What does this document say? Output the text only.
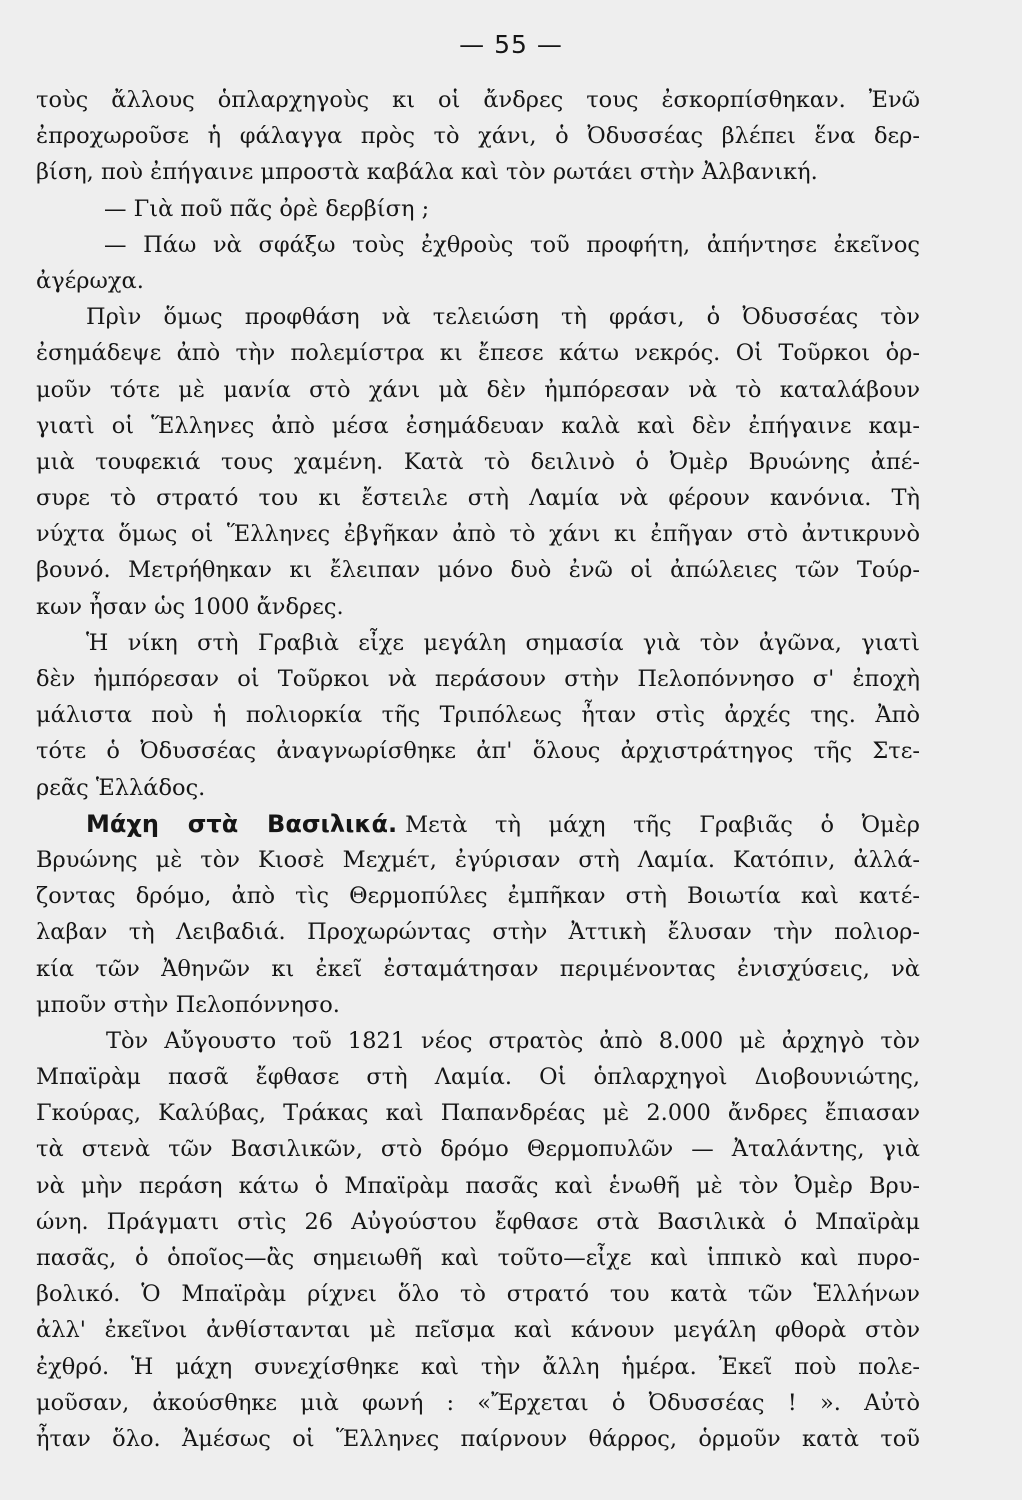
— 55 —
τοὺς ἄλλους ὁπλαρχηγοὺς κι οἱ ἄνδρες τους ἐσκορπίσθηκαν. Ἐνῶ
ἐπροχωροῦσε ἡ φάλαγγα πρὸς τὸ χάνι, ὁ Ὀδυσσέας βλέπει ἕνα δερ-
βίση, ποὺ ἐπήγαινε μπροστὰ καβάλα καὶ τὸν ρωτάει στὴν Ἀλβανική.
— Γιὰ ποῦ πᾶς ὀρὲ δερβίση ;
— Πάω νὰ σφάξω τοὺς ἐχθροὺς τοῦ προφήτη, ἀπήντησε ἐκεῖνος
ἀγέρωχα.
Πρὶν ὅμως προφθάση νὰ τελειώση τὴ φράσι, ὁ Ὀδυσσέας τὸν
ἐσημάδεψε ἀπὸ τὴν πολεμίστρα κι ἔπεσε κάτω νεκρός. Οἱ Τοῦρκοι ὁρ-
μοῦν τότε μὲ μανία στὸ χάνι μὰ δὲν ἠμπόρεσαν νὰ τὸ καταλάβουν
γιατὶ οἱ Ἕλληνες ἀπὸ μέσα ἐσημάδευαν καλὰ καὶ δὲν ἐπήγαινε καμ-
μιὰ τουφεκιά τους χαμένη. Κατὰ τὸ δειλινὸ ὁ Ὀμὲρ Βρυώνης ἀπέ-
συρε τὸ στρατό του κι ἔστειλε στὴ Λαμία νὰ φέρουν κανόνια. Τὴ
νύχτα ὅμως οἱ Ἕλληνες ἐβγῆκαν ἀπὸ τὸ χάνι κι ἐπῆγαν στὸ ἀντικρυνὸ
βουνό. Μετρήθηκαν κι ἔλειπαν μόνο δυὸ ἐνῶ οἱ ἀπώλειες τῶν Τούρ-
κων ἦσαν ὡς 1000 ἄνδρες.
Ἡ νίκη στὴ Γραβιὰ εἶχε μεγάλη σημασία γιὰ τὸν ἀγῶνα, γιατὶ
δὲν ἠμπόρεσαν οἱ Τοῦρκοι νὰ περάσουν στὴν Πελοπόννησο σ' ἐποχὴ
μάλιστα ποὺ ἡ πολιορκία τῆς Τριπόλεως ἦταν στὶς ἀρχές της. Ἀπὸ
τότε ὁ Ὀδυσσέας ἀναγνωρίσθηκε ἀπ' ὅλους ἀρχιστράτηγος τῆς Στε-
ρεᾶς Ἑλλάδος.
Μάχη στὰ Βασιλικά. Μετὰ τὴ μάχη τῆς Γραβιᾶς ὁ Ὀμὲρ
Βρυώνης μὲ τὸν Κιοσὲ Μεχμέτ, ἐγύρισαν στὴ Λαμία. Κατόπιν, ἀλλά-
ζοντας δρόμο, ἀπὸ τὶς Θερμοπύλες ἐμπῆκαν στὴ Βοιωτία καὶ κατέ-
λαβαν τὴ Λειβαδιά. Προχωρώντας στὴν Ἀττικὴ ἔλυσαν τὴν πολιορ-
κία τῶν Ἀθηνῶν κι ἐκεῖ ἐσταμάτησαν περιμένοντας ἐνισχύσεις, νὰ
μποῦν στὴν Πελοπόννησο.
Τὸν Αὔγουστο τοῦ 1821 νέος στρατὸς ἀπὸ 8.000 μὲ ἀρχηγὸ τὸν
Μπαϊρὰμ πασᾶ ἔφθασε στὴ Λαμία. Οἱ ὁπλαρχηγοὶ Διοβουνιώτης,
Γκούρας, Καλύβας, Τράκας καὶ Παπανδρέας μὲ 2.000 ἄνδρες ἔπιασαν
τὰ στενὰ τῶν Βασιλικῶν, στὸ δρόμο Θερμοπυλῶν — Ἀταλάντης, γιὰ
νὰ μὴν περάση κάτω ὁ Μπαϊρὰμ πασᾶς καὶ ἑνωθῆ μὲ τὸν Ὀμὲρ Βρυ-
ώνη. Πράγματι στὶς 26 Αὐγούστου ἔφθασε στὰ Βασιλικὰ ὁ Μπαϊρὰμ
πασᾶς, ὁ ὁποῖος—ἂς σημειωθῆ καὶ τοῦτο—εἶχε καὶ ἱππικὸ καὶ πυρο-
βολικό. Ὁ Μπαϊρὰμ ρίχνει ὅλο τὸ στρατό του κατὰ τῶν Ἑλλήνων
ἀλλ' ἐκεῖνοι ἀνθίστανται μὲ πεῖσμα καὶ κάνουν μεγάλη φθορὰ στὸν
ἐχθρό. Ἡ μάχη συνεχίσθηκε καὶ τὴν ἄλλη ἡμέρα. Ἐκεῖ ποὺ πολε-
μοῦσαν, ἀκούσθηκε μιὰ φωνή : «Ἔρχεται ὁ Ὀδυσσέας ! ». Αὐτὸ
ἦταν ὅλο. Ἀμέσως οἱ Ἕλληνες παίρνουν θάρρος, ὁρμοῦν κατὰ τοῦ
